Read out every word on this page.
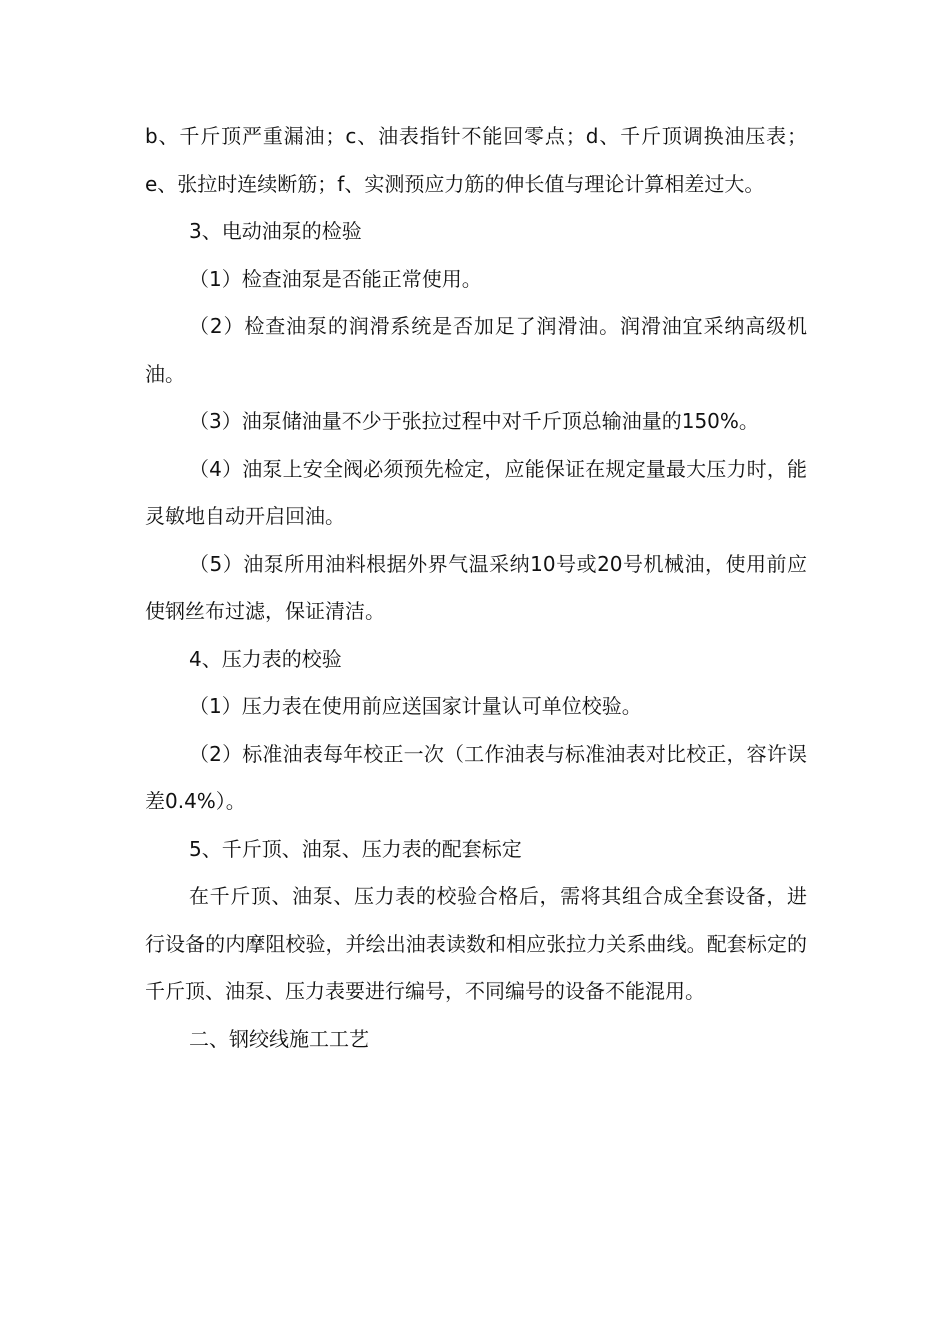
b、千斤顶严重漏油；c、油表指针不能回零点；d、千斤顶调换油压表；e、张拉时连续断筋；f、实测预应力筋的伸长值与理论计算相差过大。

3、电动油泵的检验

（1）检查油泵是否能正常使用。

（2）检查油泵的润滑系统是否加足了润滑油。润滑油宜采纳高级机油。

（3）油泵储油量不少于张拉过程中对千斤顶总输油量的150%。

（4）油泵上安全阀必须预先检定，应能保证在规定量最大压力时，能灵敏地自动开启回油。

（5）油泵所用油料根据外界气温采纳10号或20号机械油，使用前应使钢丝布过滤，保证清洁。

4、压力表的校验

（1）压力表在使用前应送国家计量认可单位校验。

（2）标准油表每年校正一次（工作油表与标准油表对比校正，容许误差0.4%）。

5、千斤顶、油泵、压力表的配套标定

在千斤顶、油泵、压力表的校验合格后，需将其组合成全套设备，进行设备的内摩阻校验，并绘出油表读数和相应张拉力关系曲线。配套标定的千斤顶、油泵、压力表要进行编号，不同编号的设备不能混用。

二、钢绞线施工工艺
